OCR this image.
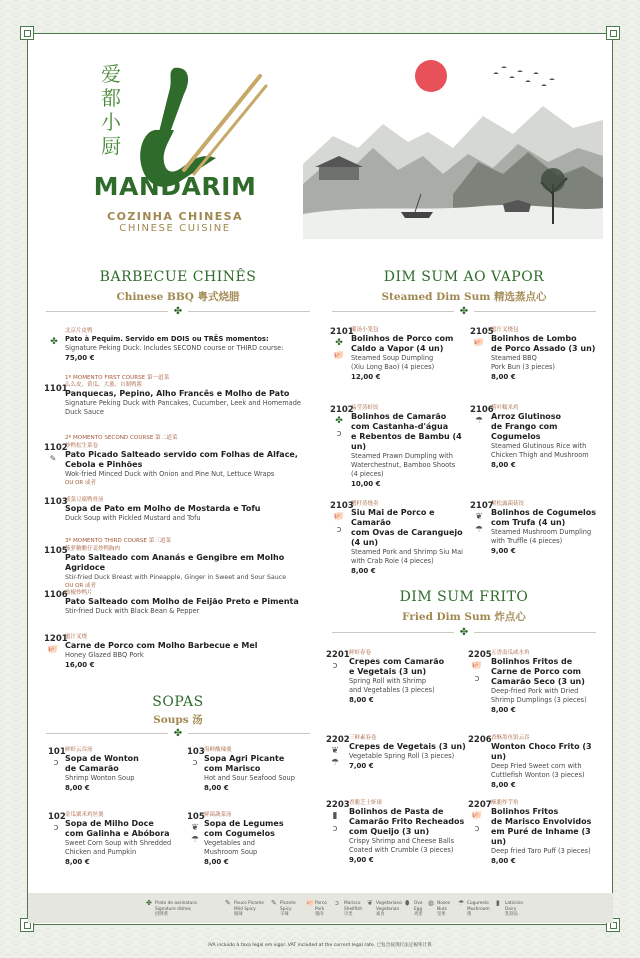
爱都小厨
MANDARIM
COZINHA CHINESA
CHINESE CUISINE
BARBECUE CHINÊS
Chinese BBQ 粤式烧腊
✤
✤
北京片皮鸭
Pato à Pequim. Servido em DOIS ou TRÊS momentos:
Signature Peking Duck. Includes SECOND course or THIRD course:
75,00 €
1º MOMENTO FIRST COURSE 第一道菜
1101
么么皮、黄瓜、大葱、自制鸭酱
Panquecas, Pepino, Alho Francês e Molho de Pato
Signature Peking Duck with Pancakes, Cucumber, Leek and Homemade
Duck Sauce
2º MOMENTO SECOND COURSE 第二道菜
1102
✎
炒鸭松生菜卷
Pato Picado Salteado servido com Folhas de Alface,
Cebola e Pinhões
Wok-fried Minced Duck with Onion and Pine Nut, Lettuce Wraps
OU OR 或者
1103
咸菜豆腐鸭骨汤
Sopa de Pato em Molho de Mostarda e Tofu
Duck Soup with Pickled Mustard and Tofu
3º MOMENTO THIRD COURSE 第三道菜
1105
菠萝糖醋仔姜炒鸭胸肉
Pato Salteado com Ananás e Gengibre em Molho Agridoce
Stir-fried Duck Breast with Pineapple, Ginger in Sweet and Sour Sauce
OU OR 或者
1106
豉椒炒鸭片
Pato Salteado com Molho de Feijão Preto e Pimenta
Stir-fried Duck with Black Bean & Pepper
1201
🐖
蜜汁叉烧
Carne de Porco com Molho Barbecue e Mel
Honey Glazed BBQ Pork
16,00 €
SOPAS
Soups 汤
✤
101
ↄ
鲜虾云吞汤
Sopa de Wonton
de Camarão
Shrimp Wonton Soup
8,00 €
103
ↄ
海鲜酸辣羹
Sopa Agri Picante
com Marisco
Hot and Sour Seafood Soup
8,00 €
102
ↄ
金瓜粟米鸡丝羹
Sopa de Milho Doce
com Galinha e Abóbora
Sweet Corn Soup with Shredded
Chicken and Pumpkin
8,00 €
105
❦
☂
鲜菌蔬菜汤
Sopa de Legumes
com Cogumelos
Vegetables and
Mushroom Soup
8,00 €
DIM SUM AO VAPOR
Steamed Dim Sum 精选蒸点心
✤
2101
✤
🐖
灌汤小笼包
Bolinhos de Porco com
Caldo a Vapor (4 un)
Steamed Soup Dumpling
(Xiu Long Bao) (4 pieces)
12,00 €
2105
🐖
蜜汁叉烧包
Bolinhos de Lombo
de Porco Assado (3 un)
Steamed BBQ
Pork Bun (3 pieces)
8,00 €
2102
✤
ↄ
晶莹蒸虾饺
Bolinhos de Camarão
com Castanha-d'água
e Rebentos de Bambu (4 un)
Steamed Prawn Dumpling with
Waterchestnut, Bamboo Shoots
(4 pieces)
10,00 €
2106
☂
荷叶糯米鸡
Arroz Glutinoso
de Frango com Cogumelos
Steamed Glutinous Rice with
Chicken Thigh and Mushroom
8,00 €
2103
🐖
ↄ
蟹籽蒸烧卖
Siu Mai de Porco e Camarão
com Ovas de Caranguejo (4 un)
Steamed Pork and Shrimp Siu Mai
with Crab Roie (4 pieces)
8,00 €
2107
❦
☂
黑松露菌菇饺
Bolinhos de Cogumelos
com Trufa (4 un)
Steamed Mushroom Dumpling
with Truffle (4 pieces)
9,00 €
DIM SUM FRITO
Fried Dim Sum 炸点心
✤
2201
ↄ
鲜虾春卷
Crepes com Camarão
e Vegetais (3 un)
Spring Roll with Shrimp
and Vegetables (3 pieces)
8,00 €
2205
🐖
ↄ
五香南瓜咸水角
Bolinhos Fritos de
Carne de Porco com
Camarão Seco (3 un)
Deep-fried Pork with Dried
Shrimp Dumplings (3 pieces)
8,00 €
2202
❦
☂
三鲜素春卷
Crepes de Vegetais (3 un)
Vegetable Spring Roll (3 pieces)
7,00 €
2206 香酥墨鱼馅云吞
Wonton Choco Frito (3 un)
Deep Fried Sweet corn with
Cuttlefish Wonton (3 pieces)
8,00 €
2203
▮
ↄ
香脆芝士虾球
Bolinhos de Pasta de
Camarão Frito Recheados
com Queijo (3 un)
Crispy Shrimp and Cheese Balls
Coated with Crumble (3 pieces)
9,00 €
2207
🐖
ↄ
酥脆炸芋角
Bolinhos Fritos
de Marisco Envolvidos
em Puré de Inhame (3 un)
Deep fried Taro Puff (3 pieces)
8,00 €
✤ Prato de assinatura
Signature dishes
招牌菜
✎ Pouco Picante
Mild Spicy
微辣
✎ Picante
Spicy
辛辣
🐖 Porco
Pork
猪肉
ↄ Marisco
Shellfish
贝类
❦ Vegetariano
Vegetarian
素食
⬮ Ovo
Egg
鸡蛋
◍ Nozes
Nuts
坚果
☂ Cogumelo
Mushroom
菌
▮ Laticínio
Dairy
乳制品
IVA incluído à taxa legal em vigor. VAT included at the current legal rate. 已包含按现行法定税率计算
